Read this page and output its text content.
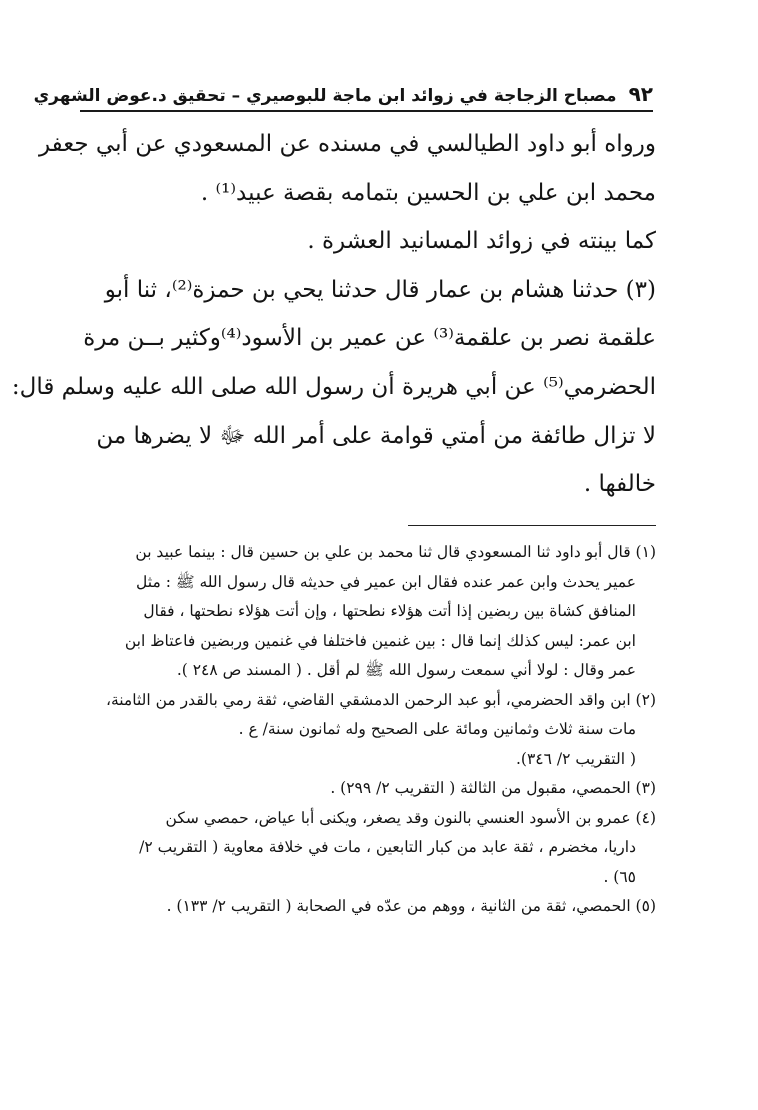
٩٢
مصباح الزجاجة في زوائد ابن ماجة للبوصيري – تحقيق د.عوض الشهري
ورواه أبو داود الطيالسي في مسنده عن المسعودي عن أبي جعفر
محمد ابن علي بن الحسين بتمامه بقصة عبيد⁽¹⁾ .
كما بينته في زوائد المسانيد العشرة .
(٣) حدثنا هشام بن عمار قال حدثنا يحي بن حمزة⁽²⁾، ثنا أبو
علقمة نصر بن علقمة⁽³⁾ عن عمير بن الأسود⁽⁴⁾وكثير بــن مرة
الحضرمي⁽⁵⁾ عن أبي هريرة أن رسول الله صلى الله عليه وسلم قال:
لا تزال طائفة من أمتي قوامة على أمر الله ﷻ لا يضرها من
خالفها .
(١) قال أبو داود ثنا المسعودي قال ثنا محمد بن علي بن حسين قال : بينما عبيد بن
عمير يحدث وابن عمر عنده فقال ابن عمير في حديثه قال رسول الله ﷺ : مثل
المنافق كشاة بين ربضين إذا أتت هؤلاء نطحتها ، وإن أتت هؤلاء نطحتها ، فقال
ابن عمر: ليس كذلك إنما قال : بين غنمين فاختلفا في غنمين وربضين فاعتاظ ابن
عمر وقال : لولا أني سمعت رسول الله ﷺ لم أقل . ( المسند ص ٢٤٨ ).
(٢) ابن واقد الحضرمي، أبو عبد الرحمن الدمشقي القاضي، ثقة رمي بالقدر من الثامنة،
مات سنة ثلاث وثمانين ومائة على الصحيح وله ثمانون سنة/ ع .
( التقريب ٢/ ٣٤٦).
(٣) الحمصي، مقبول من الثالثة ( التقريب ٢/ ٢٩٩) .
(٤) عمرو بن الأسود العنسي بالنون وقد يصغر، ويكنى أبا عياض، حمصي سكن
داريا، مخضرم ، ثقة عابد من كبار التابعين ، مات في خلافة معاوية ( التقريب ٢/
٦٥) .
(٥) الحمصي، ثقة من الثانية ، ووهم من عدّه في الصحابة ( التقريب ٢/ ١٣٣) .
